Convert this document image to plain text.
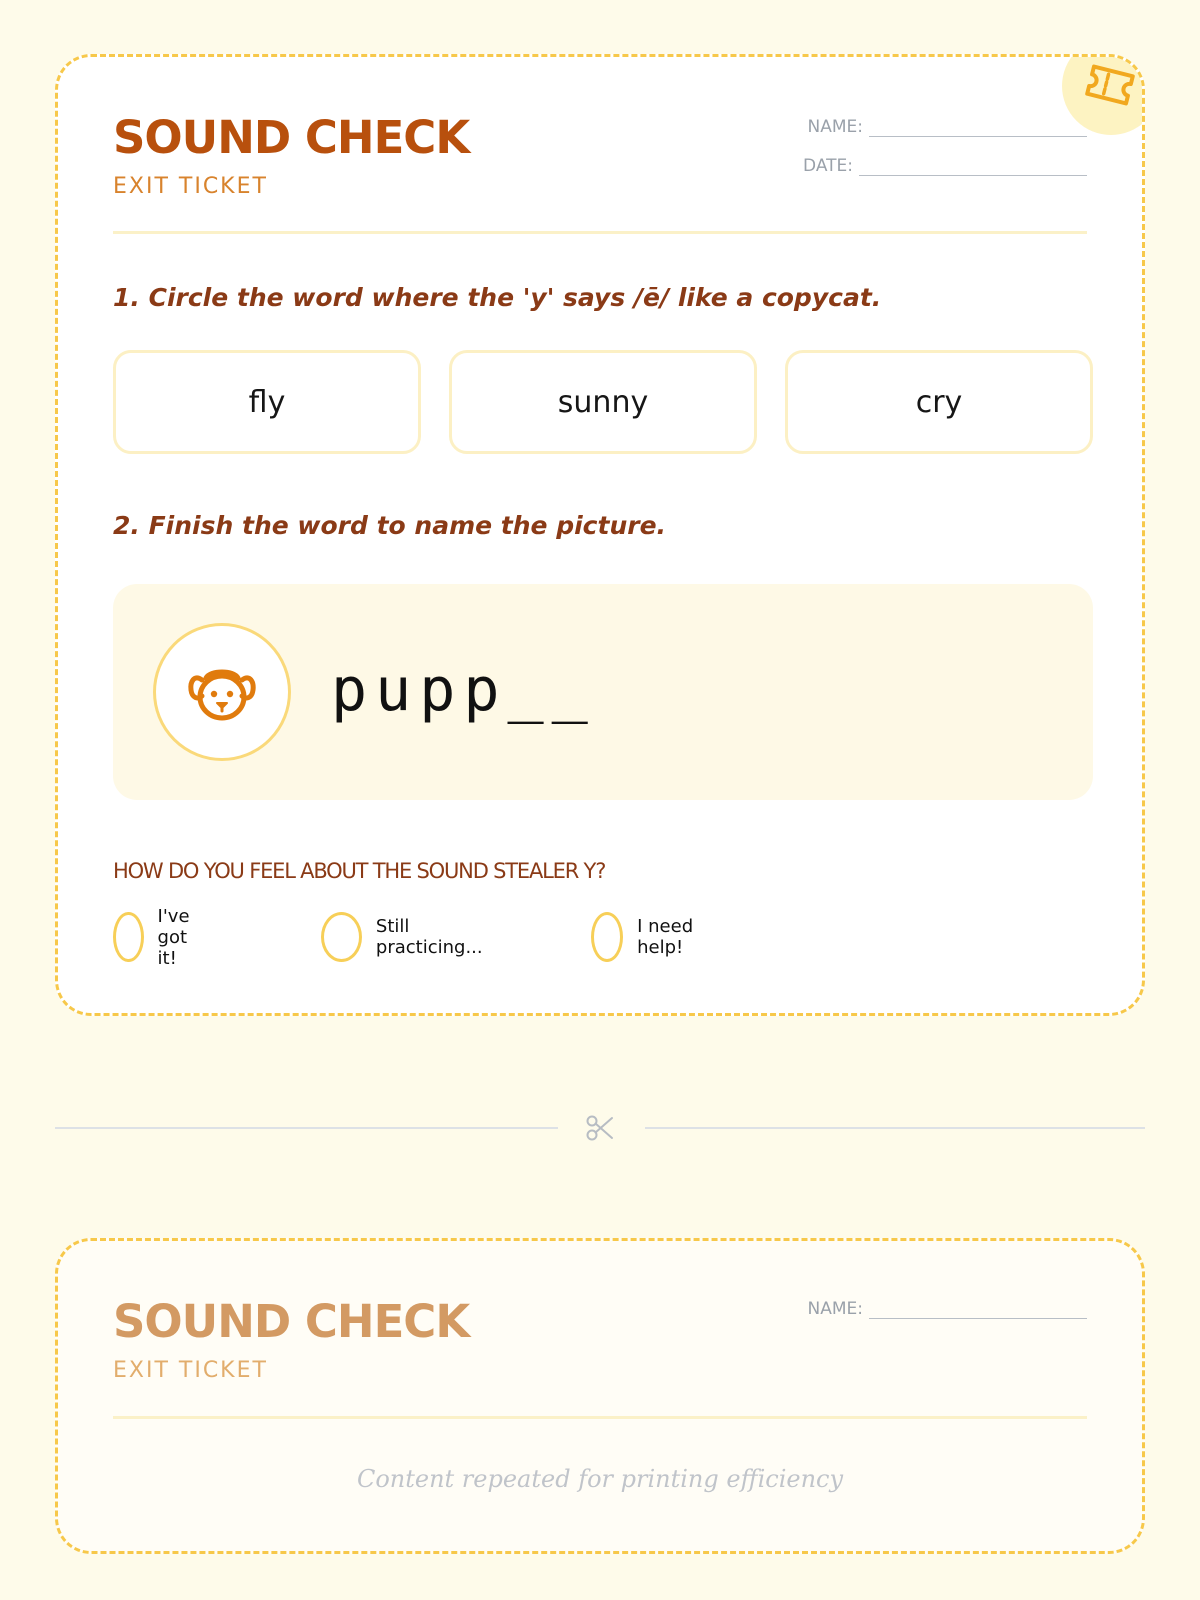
SOUND CHECK
EXIT TICKET
NAME:
DATE:
1. Circle the word where the 'y' says /ē/ like a copycat.
fly	sunny	cry
2. Finish the word to name the picture.
pupp__
HOW DO YOU FEEL ABOUT THE SOUND STEALER Y?
I've got it!
Still practicing...
I need help!
SOUND CHECK
EXIT TICKET
NAME:
Content repeated for printing efficiency
